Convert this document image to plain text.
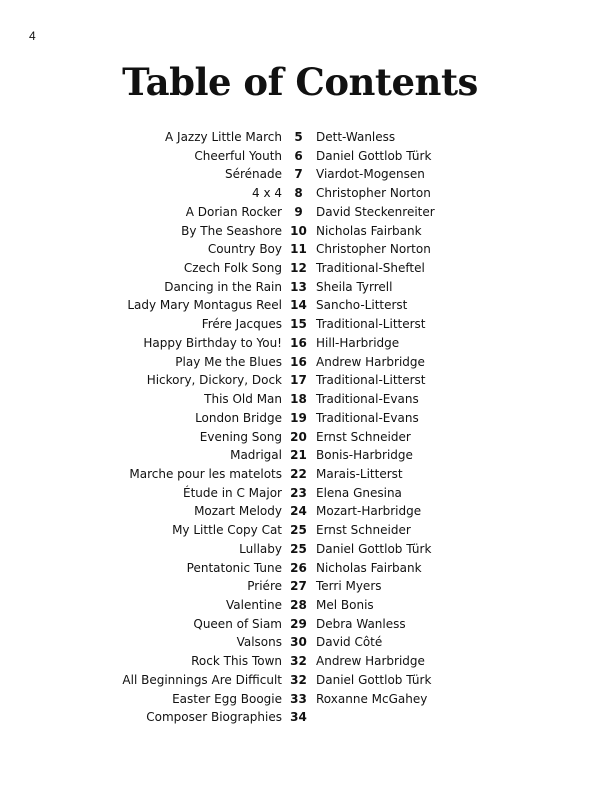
4
Table of Contents
A Jazzy Little March	5	Dett-Wanless
Cheerful Youth	6	Daniel Gottlob Türk
Sérénade	7	Viardot-Mogensen
4 x 4	8	Christopher Norton
A Dorian Rocker	9	David Steckenreiter
By The Seashore 10 Nicholas Fairbank
Country Boy 11 Christopher Norton
Czech Folk Song 12 Traditional-Sheftel
Dancing in the Rain 13 Sheila Tyrrell
Lady Mary Montagus Reel 14 Sancho-Litterst
Frére Jacques 15 Traditional-Litterst
Happy Birthday to You! 16 Hill-Harbridge
Play Me the Blues 16 Andrew Harbridge
Hickory, Dickory, Dock 17 Traditional-Litterst
This Old Man 18 Traditional-Evans
London Bridge 19 Traditional-Evans
Evening Song 20 Ernst Schneider
Madrigal 21 Bonis-Harbridge
Marche pour les matelots 22 Marais-Litterst
Étude in C Major 23 Elena Gnesina
Mozart Melody 24 Mozart-Harbridge
My Little Copy Cat 25 Ernst Schneider
Lullaby 25 Daniel Gottlob Türk
Pentatonic Tune 26 Nicholas Fairbank
Priére 27 Terri Myers
Valentine 28 Mel Bonis
Queen of Siam 29 Debra Wanless
Valsons 30 David Côté
Rock This Town 32 Andrew Harbridge
All Beginnings Are Difficult 32 Daniel Gottlob Türk
Easter Egg Boogie 33 Roxanne McGahey
Composer Biographies 34
